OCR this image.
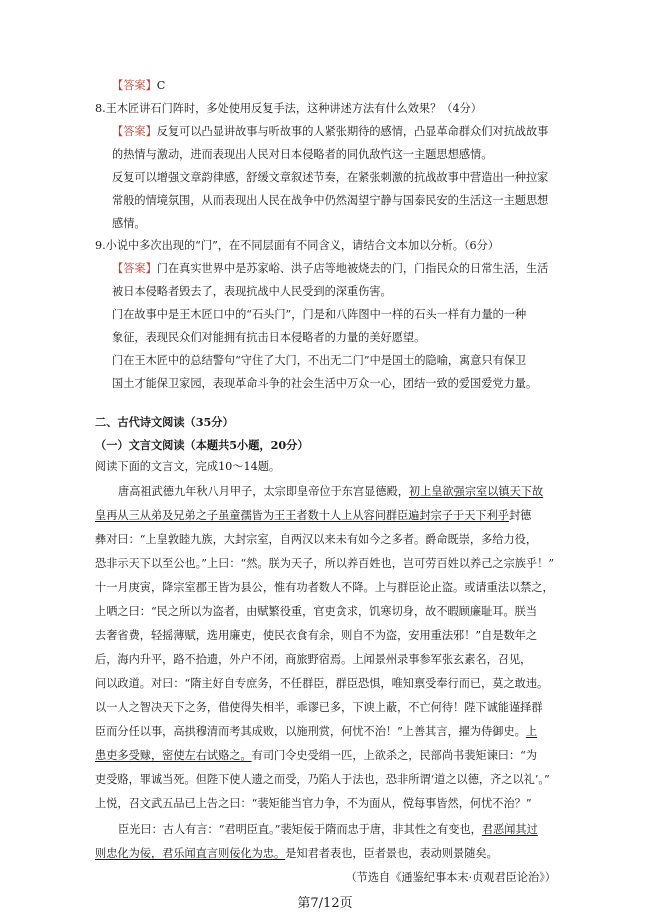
【答案】C
8.王木匠讲石门阵时，多处使用反复手法，这种讲述方法有什么效果？（4分）
【答案】反复可以凸显讲故事与听故事的人紧张期待的感情，凸显革命群众们对抗战故事
的热情与激动，进而表现出人民对日本侵略者的同仇敌忾这一主题思想感情。
反复可以增强文章韵律感，舒缓文章叙述节奏，在紧张刺激的抗战故事中营造出一种拉家
常般的情境氛围，从而表现出人民在战争中仍然渴望宁静与国泰民安的生活这一主题思想
感情。
9.小说中多次出现的“门”，在不同层面有不同含义，请结合文本加以分析。（6分）
【答案】门在真实世界中是苏家峪、洪子店等地被烧去的门，门指民众的日常生活，生活
被日本侵略者毁去了，表现抗战中人民受到的深重伤害。
门在故事中是王木匠口中的“石头门”，门是和八阵图中一样的石头一样有力量的一种
象征，表现民众们对能拥有抗击日本侵略者的力量的美好愿望。
门在王木匠中的总结警句“守住了大门，不出无二门”中是国土的隐喻，寓意只有保卫
国土才能保卫家园，表现革命斗争的社会生活中万众一心，团结一致的爱国爱党力量。
二、古代诗文阅读（35分）
（一）文言文阅读（本题共5小题，20分）
阅读下面的文言文，完成10～14题。
唐高祖武德九年秋八月甲子，太宗即皇帝位于东宫显德殿，初上皇欲强宗室以镇天下故
皇再从三从弟及兄弟之子虽童孺皆为王王者数十人上从容问群臣遍封宗子于天下利乎封德
彝对曰：“上皇敦睦九族，大封宗室，自两汉以来未有如今之多者。爵命既崇，多给力役，
恐非示天下以至公也。”上曰：“然。朕为天子，所以养百姓也，岂可劳百姓以养己之宗族乎！”
十一月庚寅，降宗室郡王皆为县公，惟有功者数人不降。上与群臣论止盗。或请重法以禁之，
上哂之曰：“民之所以为盗者，由赋繁役重，官吏贪求，饥寒切身，故不暇顾廉耻耳。朕当
去奢省费，轻摇薄赋，选用廉吏，使民衣食有余，则自不为盗，安用重法邪！”自是数年之
后，海内升平，路不拾遗，外户不闭，商旅野宿焉。上闻景州录事参军张玄素名，召见，
问以政道。对曰：“隋主好自专庶务，不任群臣，群臣恐惧，唯知禀受奉行而已，莫之敢违。
以一人之智决天下之务，借使得失相半，乖谬已多，下谀上蔽，不亡何待！陛下诚能谨择群
臣而分任以事，高拱穆清而考其成败，以施刑赏，何忧不治！”上善其言，擢为侍御史。上
患吏多受赇，密使左右试赂之。有司门令史受绢一匹，上欲杀之，民部尚书裴矩谏曰：“为
吏受赂，罪诚当死。但陛下使人遗之而受，乃陷人于法也，恐非所谓‘道之以德，齐之以礼’。”
上悦，召文武五品已上告之曰：“裴矩能当官力争，不为面从，傥每事皆然，何忧不治？”
臣光曰：古人有言：“君明臣直。”裴矩佞于隋而忠于唐，非其性之有变也，君恶闻其过
则忠化为佞，君乐闻直言则佞化为忠。是知君者表也，臣者景也，表动则景随矣。
（节选自《通鉴纪事本末·贞观君臣论治》）
第7/12页
